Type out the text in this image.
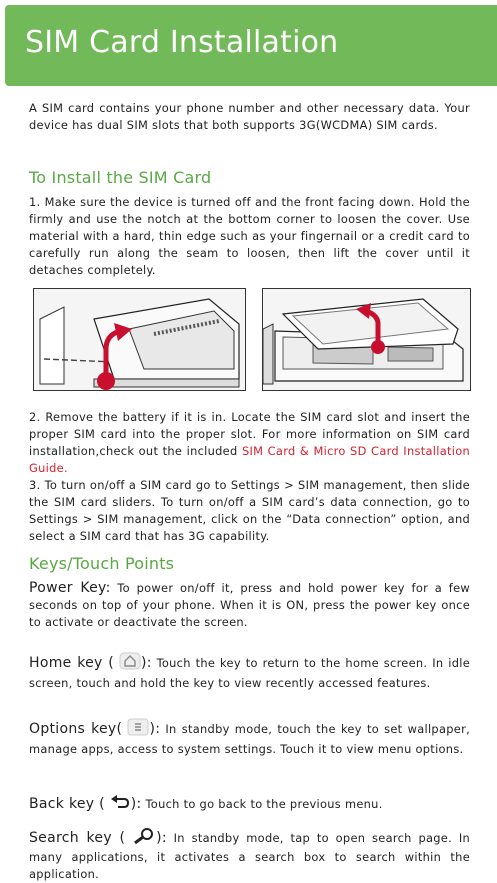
SIM Card Installation
A SIM card contains your phone number and other necessary data. Your device has dual SIM slots that both supports 3G(WCDMA) SIM cards.
To Install the SIM Card
1. Make sure the device is turned off and the front facing down. Hold the firmly and use the notch at the bottom corner to loosen the cover. Use material with a hard, thin edge such as your fingernail or a credit card to carefully run along the seam to loosen, then lift the cover until it detaches completely.
2. Remove the battery if it is in. Locate the SIM card slot and insert the proper SIM card into the proper slot. For more information on SIM card installation,check out the included SIM Card & Micro SD Card Installation Guide.
3. To turn on/off a SIM card go to Settings > SIM management, then slide the SIM card sliders. To turn on/off a SIM card’s data connection, go to Settings > SIM management, click on the “Data connection” option, and select a SIM card that has 3G capability.
Keys/Touch Points
Power Key: To power on/off it, press and hold power key for a few seconds on top of your phone. When it is ON, press the power key once to activate or deactivate the screen.
Home key ( ): Touch the key to return to the home screen. In idle screen, touch and hold the key to view recently accessed features.
Options key( ): In standby mode, touch the key to set wallpaper, manage apps, access to system settings. Touch it to view menu options.
Back key ( ): Touch to go back to the previous menu.
Search key ( ): In standby mode, tap to open search page. In many applications, it activates a search box to search within the application.
